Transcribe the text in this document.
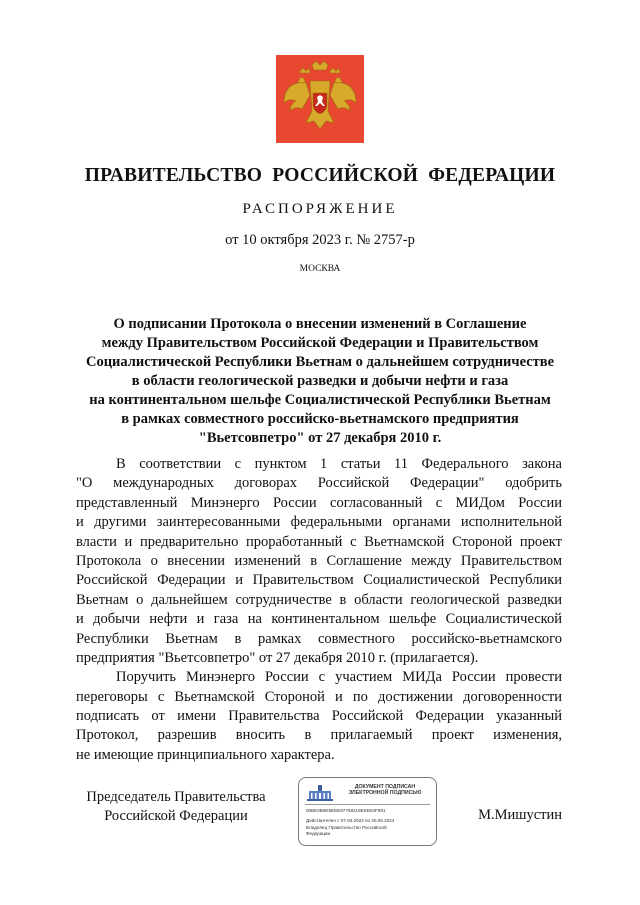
ПРАВИТЕЛЬСТВО  РОССИЙСКОЙ  ФЕДЕРАЦИИ
РАСПОРЯЖЕНИЕ
от 10 октября 2023 г. № 2757-р
МОСКВА
О подписании Протокола о внесении изменений в Соглашение
между Правительством Российской Федерации и Правительством
Социалистической Республики Вьетнам о дальнейшем сотрудничестве
в области геологической разведки и добычи нефти и газа
на континентальном шельфе Социалистической Республики Вьетнам
в рамках совместного российско-вьетнамского предприятия
"Вьетсовпетро" от 27 декабря 2010 г.
В соответствии с пунктом 1 статьи 11 Федерального закона
"О международных договорах Российской Федерации" одобрить
представленный Минэнерго России согласованный с МИДом России
и другими заинтересованными федеральными органами исполнительной
власти и предварительно проработанный с Вьетнамской Стороной проект
Протокола о внесении изменений в Соглашение между Правительством
Российской Федерации и Правительством Социалистической Республики
Вьетнам о дальнейшем сотрудничестве в области геологической разведки
и добычи нефти и газа на континентальном шельфе Социалистической
Республики Вьетнам в рамках совместного российско-вьетнамского
предприятия "Вьетсовпетро" от 27 декабря 2010 г. (прилагается).
Поручить Минэнерго России с участием МИДа России провести
переговоры с Вьетнамской Стороной и по достижении договоренности
подписать от имени Правительства Российской Федерации указанный
Протокол, разрешив вносить в прилагаемый проект изменения,
не имеющие принципиального характера.
Председатель Правительства
Российской Федерации
ДОКУМЕНТ ПОДПИСАН
ЭЛЕКТРОННОЙ ПОДПИСЬЮ
00BE0B6E5EEE87768219EEB04F891
Действителен с 07.03.2023 по 30.05.2024
Владелец Правительство Российской
Федерации
М.Мишустин
